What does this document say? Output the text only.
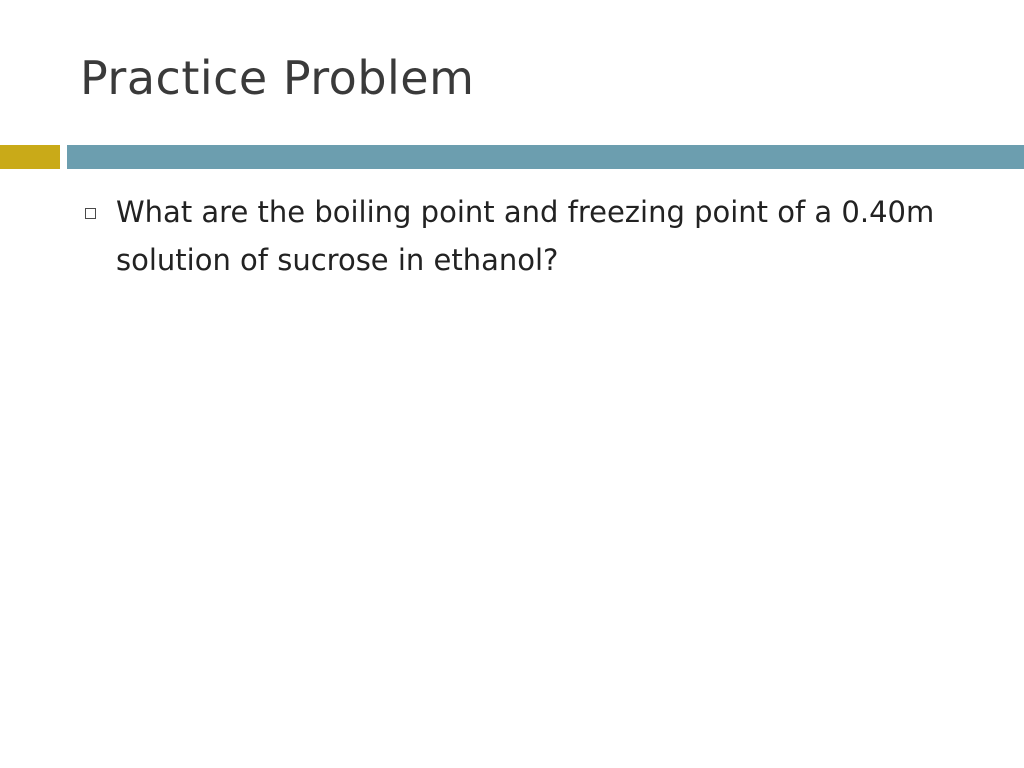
Practice Problem
What are the boiling point and freezing point of a 0.40m solution of sucrose in ethanol?
